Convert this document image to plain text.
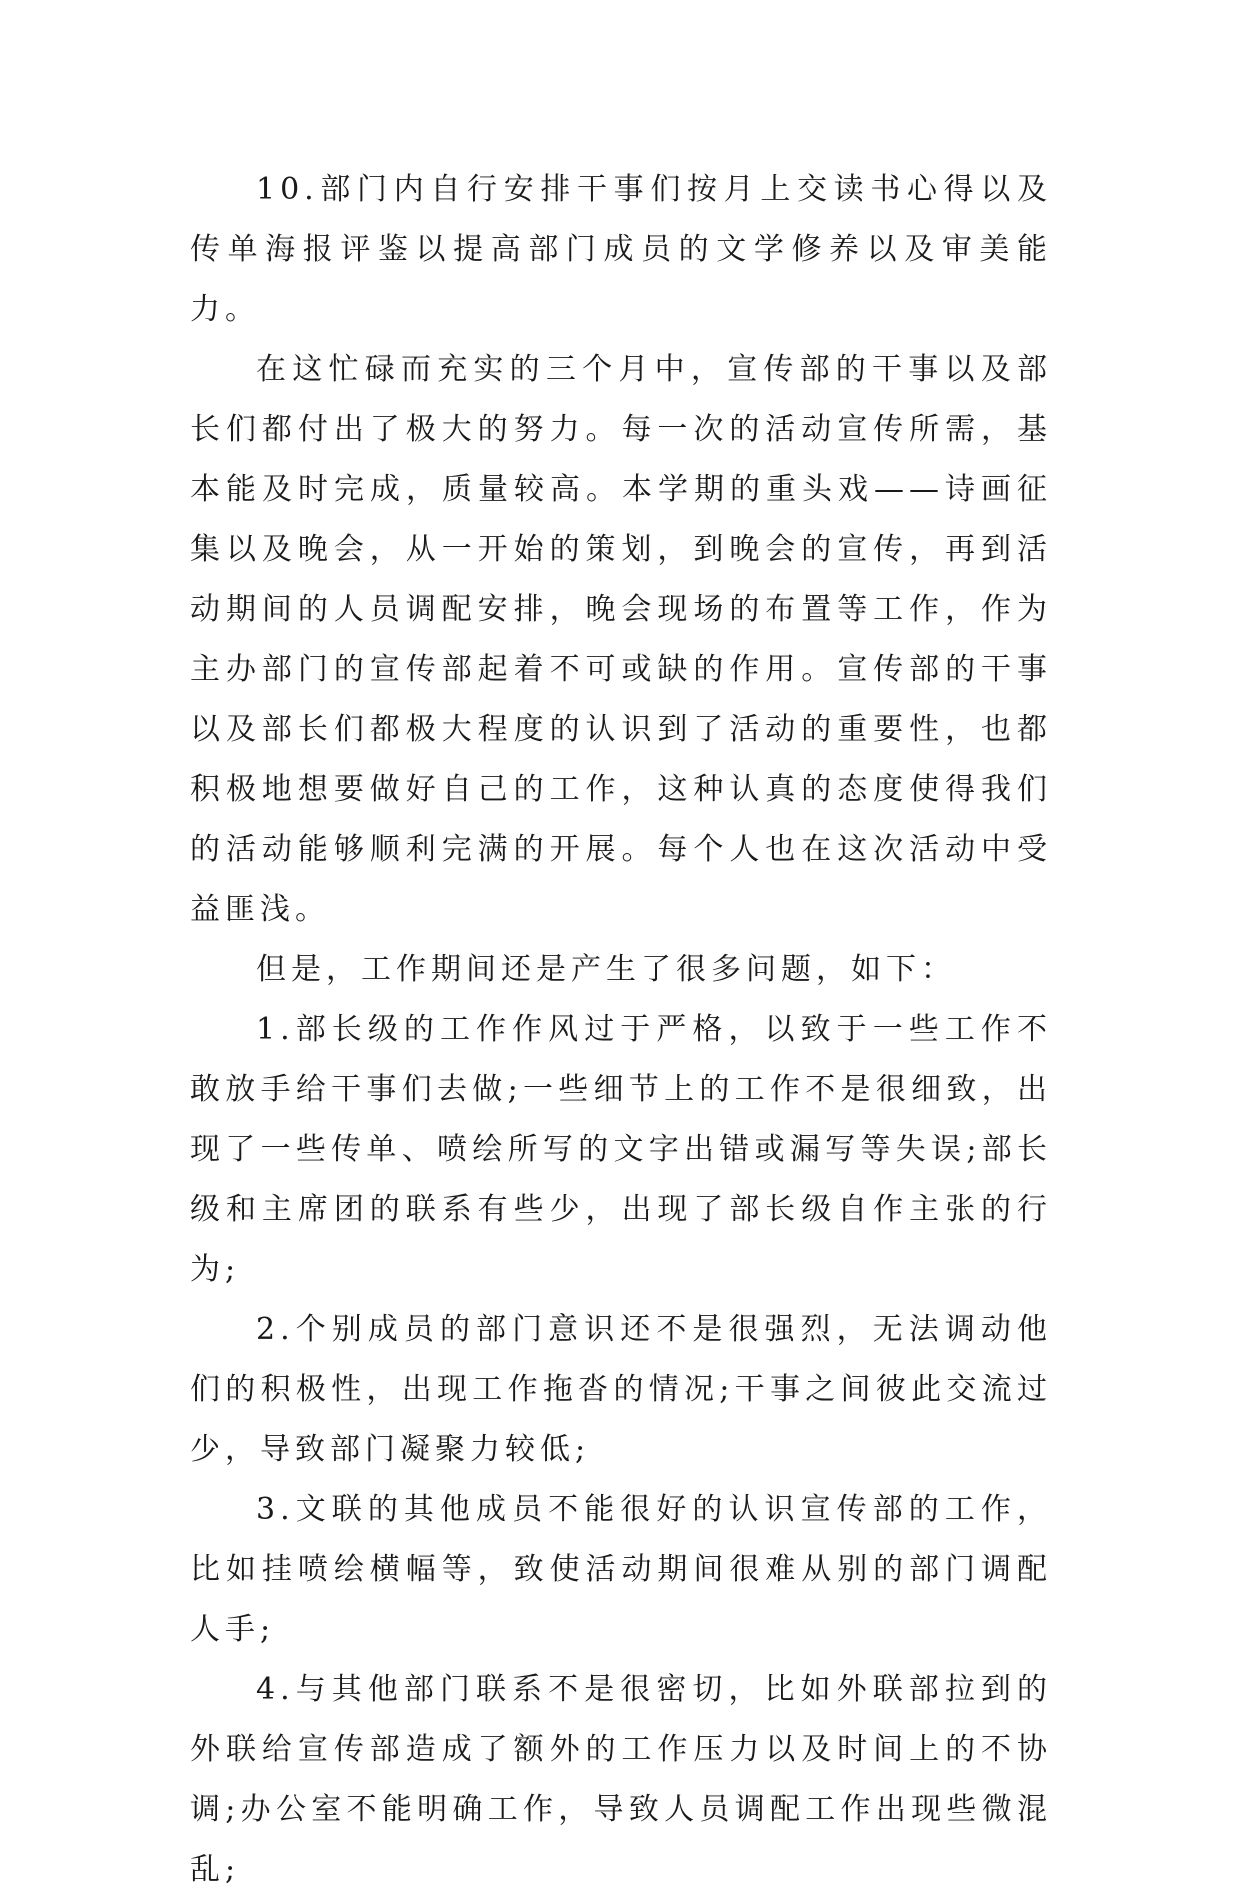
10.部门内自行安排干事们按月上交读书心得以及传单海报评鉴以提高部门成员的文学修养以及审美能力。

在这忙碌而充实的三个月中，宣传部的干事以及部长们都付出了极大的努力。每一次的活动宣传所需，基本能及时完成，质量较高。本学期的重头戏——诗画征集以及晚会，从一开始的策划，到晚会的宣传，再到活动期间的人员调配安排，晚会现场的布置等工作，作为主办部门的宣传部起着不可或缺的作用。宣传部的干事以及部长们都极大程度的认识到了活动的重要性，也都积极地想要做好自己的工作，这种认真的态度使得我们的活动能够顺利完满的开展。每个人也在这次活动中受益匪浅。

但是，工作期间还是产生了很多问题，如下：

1.部长级的工作作风过于严格，以致于一些工作不敢放手给干事们去做;一些细节上的工作不是很细致，出现了一些传单、喷绘所写的文字出错或漏写等失误;部长级和主席团的联系有些少，出现了部长级自作主张的行为;

2.个别成员的部门意识还不是很强烈，无法调动他们的积极性，出现工作拖沓的情况;干事之间彼此交流过少，导致部门凝聚力较低;

3.文联的其他成员不能很好的认识宣传部的工作，比如挂喷绘横幅等，致使活动期间很难从别的部门调配人手;

4.与其他部门联系不是很密切，比如外联部拉到的外联给宣传部造成了额外的工作压力以及时间上的不协调;办公室不能明确工作，导致人员调配工作出现些微混乱;
